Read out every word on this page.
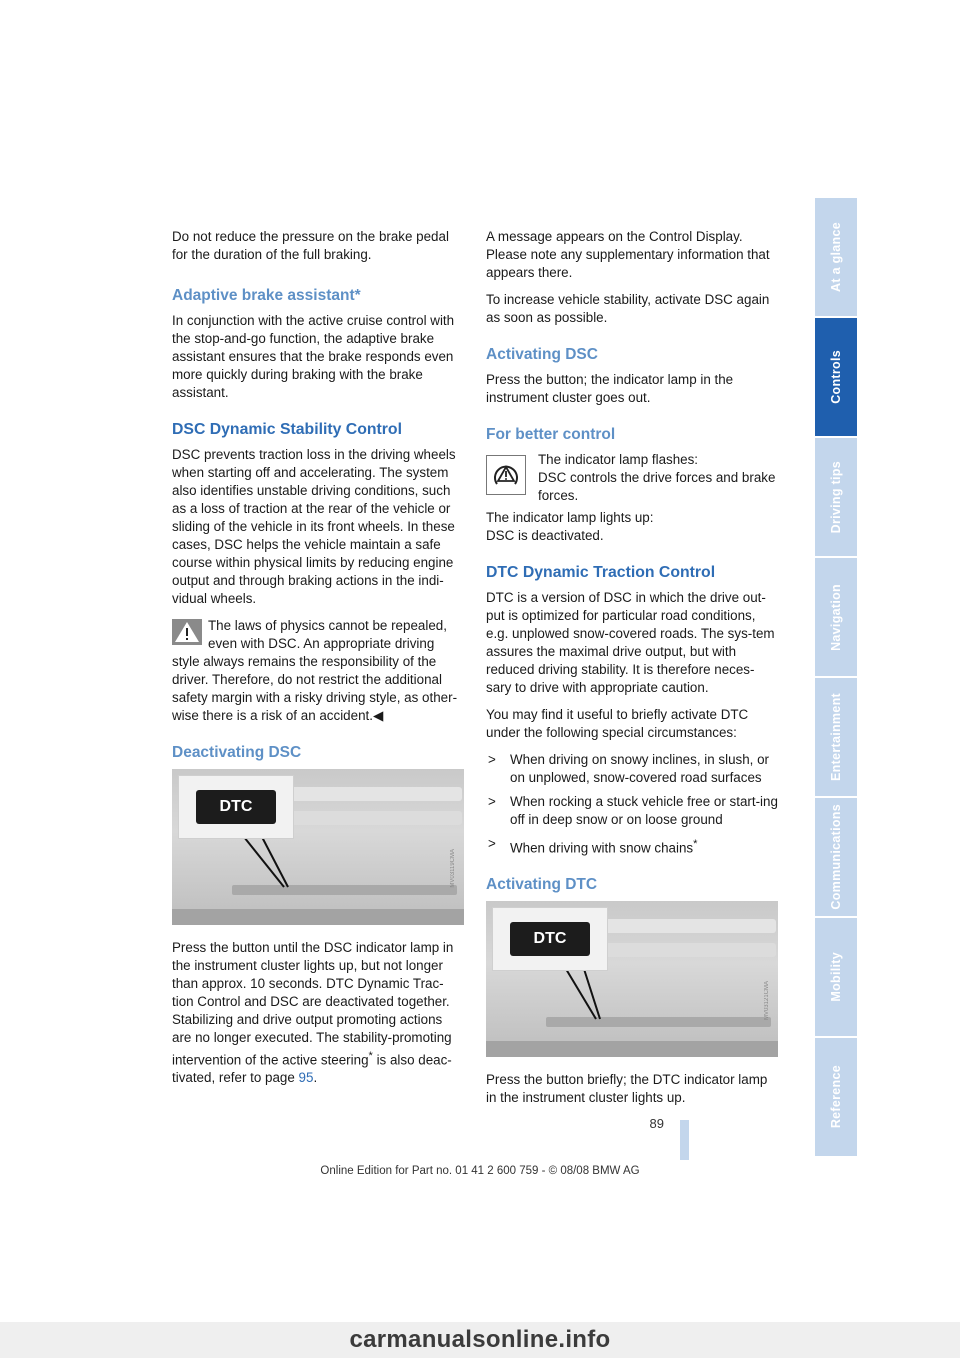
Do not reduce the pressure on the brake pedal for the duration of the full braking.

Adaptive brake assistant*

In conjunction with the active cruise control with the stop-and-go function, the adaptive brake assistant ensures that the brake responds even more quickly during braking with the brake assistant.

DSC Dynamic Stability Control

DSC prevents traction loss in the driving wheels when starting off and accelerating. The system also identifies unstable driving conditions, such as a loss of traction at the rear of the vehicle or sliding of the vehicle in its front wheels. In these cases, DSC helps the vehicle maintain a safe course within physical limits by reducing engine output and through braking actions in the indi-vidual wheels.

The laws of physics cannot be repealed, even with DSC. An appropriate driving
style always remains the responsibility of the driver. Therefore, do not restrict the additional safety margin with a risky driving style, as other-wise there is a risk of an accident.◀
Deactivating DSC
DTC
MV03119CMA

Press the button until the DSC indicator lamp in the instrument cluster lights up, but not longer than approx. 10 seconds. DTC Dynamic Trac-tion Control and DSC are deactivated together. Stabilizing and drive output promoting actions are no longer executed. The stability-promoting intervention of the active steering* is also deac-tivated, refer to page 95.

A message appears on the Control Display. Please note any supplementary information that appears there.

To increase vehicle stability, activate DSC again as soon as possible.

Activating DSC

Press the button; the indicator lamp in the instrument cluster goes out.

For better control
The indicator lamp flashes:
DSC controls the drive forces and brake forces.
The indicator lamp lights up:

DSC is deactivated.

DTC Dynamic Traction Control

DTC is a version of DSC in which the drive out-put is optimized for particular road conditions, e.g. unplowed snow-covered roads. The sys-tem assures the maximal drive output, but with reduced driving stability. It is therefore neces-sary to drive with appropriate caution.

You may find it useful to briefly activate DTC under the following special circumstances:

> When driving on snowy inclines, in slush, or on unplowed, snow-covered road surfaces
> When rocking a stuck vehicle free or start-ing off in deep snow or on loose ground
> When driving with snow chains*
Activating DTC
DTC
MV03121CMA

Press the button briefly; the DTC indicator lamp in the instrument cluster lights up.

At a glance
Controls
Driving tips
Navigation
Entertainment
Communications
Mobility
Reference
89
Online Edition for Part no. 01 41 2 600 759 - © 08/08 BMW AG
carmanualsonline.info
